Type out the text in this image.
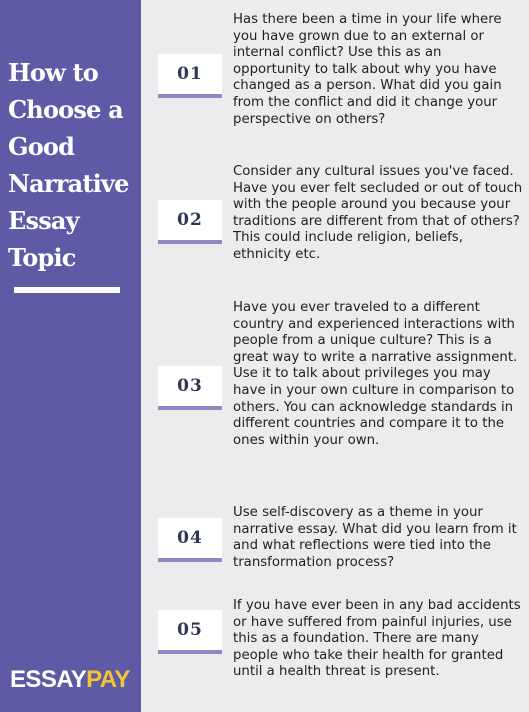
How to
Choose a
Good
Narrative
Essay
Topic
ESSAYPAY
01

Has there been a time in your life where you have grown due to an external or internal conflict? Use this as an opportunity to talk about why you have changed as a person. What did you gain from the conflict and did it change your perspective on others?

02

Consider any cultural issues you've faced. Have you ever felt secluded or out of touch with the people around you because your traditions are different from that of others? This could include religion, beliefs, ethnicity etc.

03

Have you ever traveled to a different country and experienced interactions with people from a unique culture? This is a great way to write a narrative assignment. Use it to talk about privileges you may have in your own culture in comparison to others. You can acknowledge standards in different countries and compare it to the ones within your own.

04

Use self-discovery as a theme in your narrative essay. What did you learn from it and what reflections were tied into the transformation process?

05

If you have ever been in any bad accidents or have suffered from painful injuries, use this as a foundation. There are many people who take their health for granted until a health threat is present.
